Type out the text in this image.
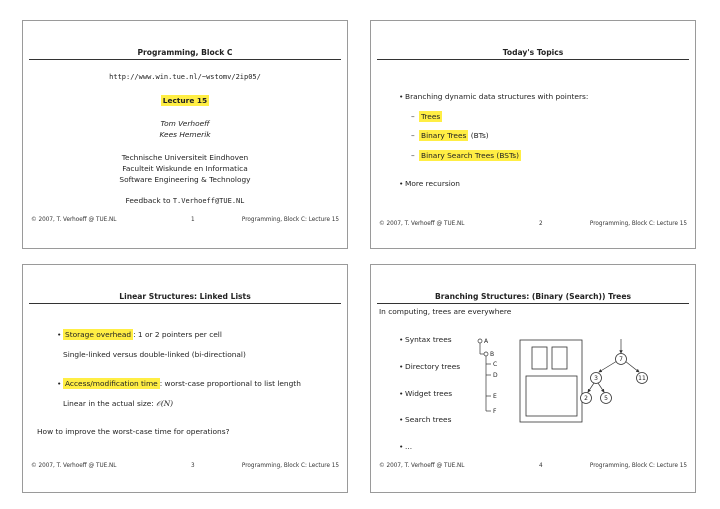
Programming, Block C
http://www.win.tue.nl/~wstomv/2ip05/
Lecture 15
Tom Verhoeff
Kees Hemerik
Technische Universiteit Eindhoven
Faculteit Wiskunde en Informatica
Software Engineering & Technology
Feedback to T.Verhoeff@TUE.NL
© 2007, T. Verhoeff @ TUE.NL	1	Programming, Block C: Lecture 15
Today's Topics
• Branching dynamic data structures with pointers:
– Trees
– Binary Trees (BTs)
– Binary Search Trees (BSTs)
• More recursion
© 2007, T. Verhoeff @ TUE.NL	2	Programming, Block C: Lecture 15
Linear Structures: Linked Lists
• Storage overhead : 1 or 2 pointers per cell
Single-linked versus double-linked (bi-directional)
• Access/modification time : worst-case proportional to list length
Linear in the actual size: 𝒪(N)
How to improve the worst-case time for operations?
© 2007, T. Verhoeff @ TUE.NL	3	Programming, Block C: Lecture 15
Branching Structures: (Binary (Search)) Trees
In computing, trees are everywhere
• Syntax trees
• Directory trees
• Widget trees
• Search trees
• ...
A
B
C
D
E
F
7
3	11
2	5
© 2007, T. Verhoeff @ TUE.NL	4	Programming, Block C: Lecture 15
